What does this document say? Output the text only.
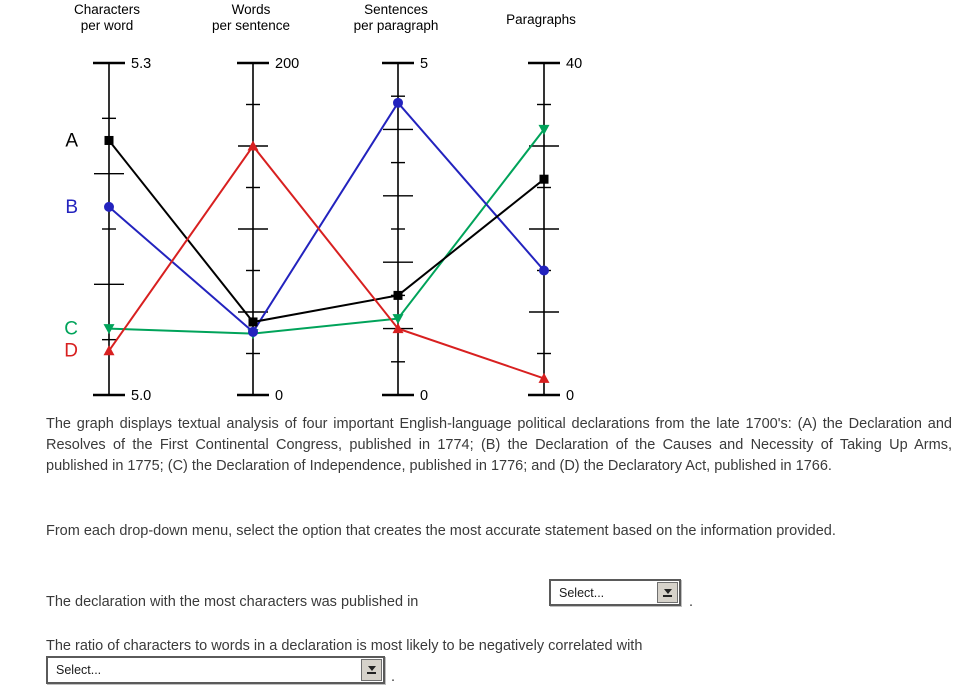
Characters
per word
5.3
5.0
Words
per sentence
200
0
Sentences
per paragraph
5
0
Paragraphs
40
0
C
B
A
D

The graph displays textual analysis of four important English-language political declarations from the late 1700's: (A) the Declaration and Resolves of the First Continental Congress, published in 1774; (B) the Declaration of the Causes and Necessity of Taking Up Arms, published in 1775; (C) the Declaration of Independence, published in 1776; and (D) the Declaratory Act, published in 1766.

From each drop-down menu, select the option that creates the most accurate statement based on the information provided.

The declaration with the most characters was published in
Select...
.

The ratio of characters to words in a declaration is most likely to be negatively correlated with

Select...	.
